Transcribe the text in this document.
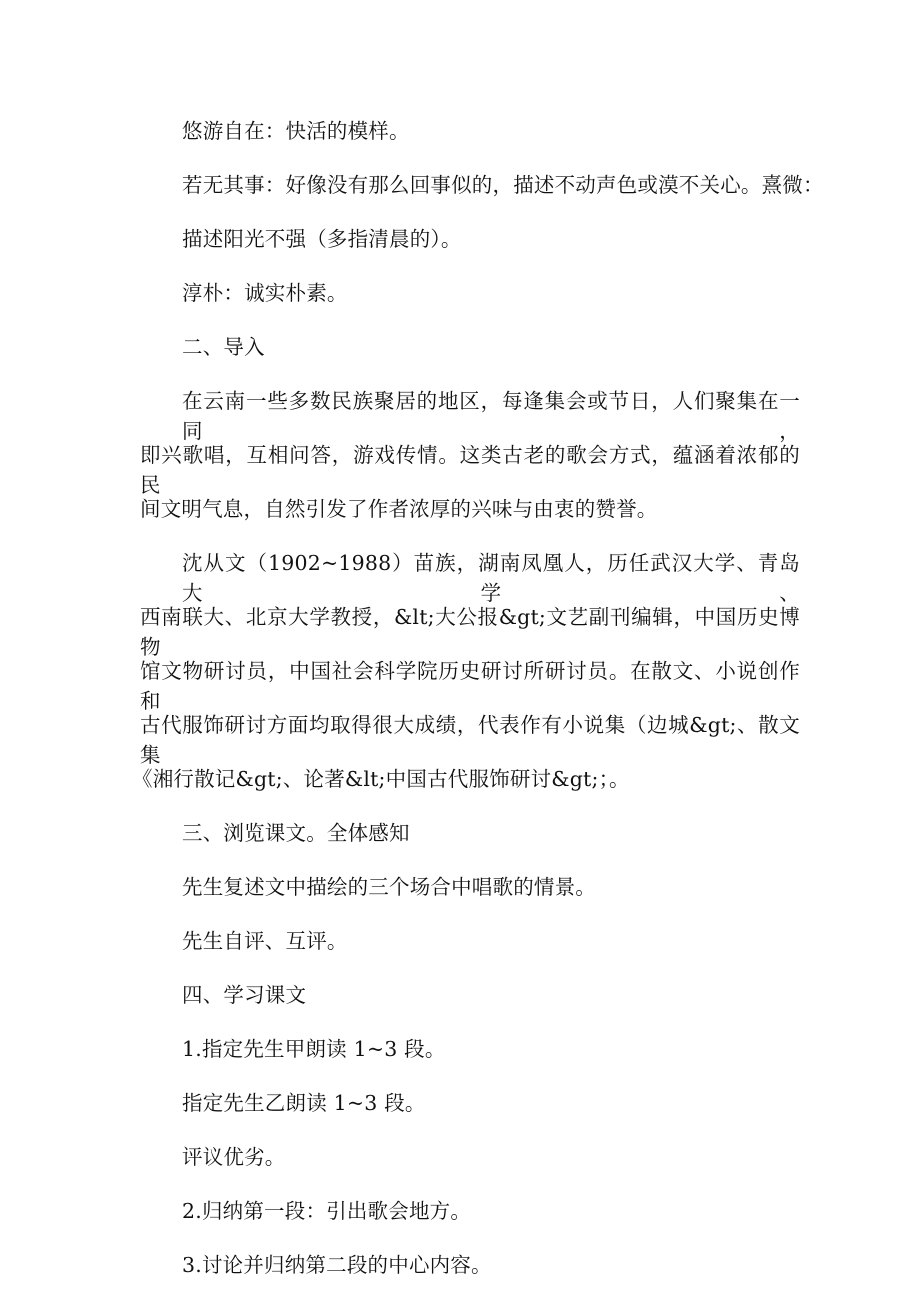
悠游自在：快活的模样。
若无其事：好像没有那么回事似的，描述不动声色或漠不关心。熹微：
描述阳光不强（多指清晨的）。
淳朴：诚实朴素。
二、导入
在云南一些多数民族聚居的地区，每逢集会或节日，人们聚集在一同，
即兴歌唱，互相问答，游戏传情。这类古老的歌会方式，蕴涵着浓郁的民
间文明气息，自然引发了作者浓厚的兴味与由衷的赞誉。
沈从文（1902~1988）苗族，湖南凤凰人，历任武汉大学、青岛大学、
西南联大、北京大学教授，&lt;大公报&gt;文艺副刊编辑，中国历史博物
馆文物研讨员，中国社会科学院历史研讨所研讨员。在散文、小说创作和
古代服饰研讨方面均取得很大成绩，代表作有小说集（边城&gt;、散文集
《湘行散记&gt;、论著&lt;中国古代服饰研讨&gt;；。
三、浏览课文。全体感知
先生复述文中描绘的三个场合中唱歌的情景。
先生自评、互评。
四、学习课文
1.指定先生甲朗读 1~3 段。
指定先生乙朗读 1~3 段。
评议优劣。
2.归纳第一段：引出歌会地方。
3.讨论并归纳第二段的中心内容。
